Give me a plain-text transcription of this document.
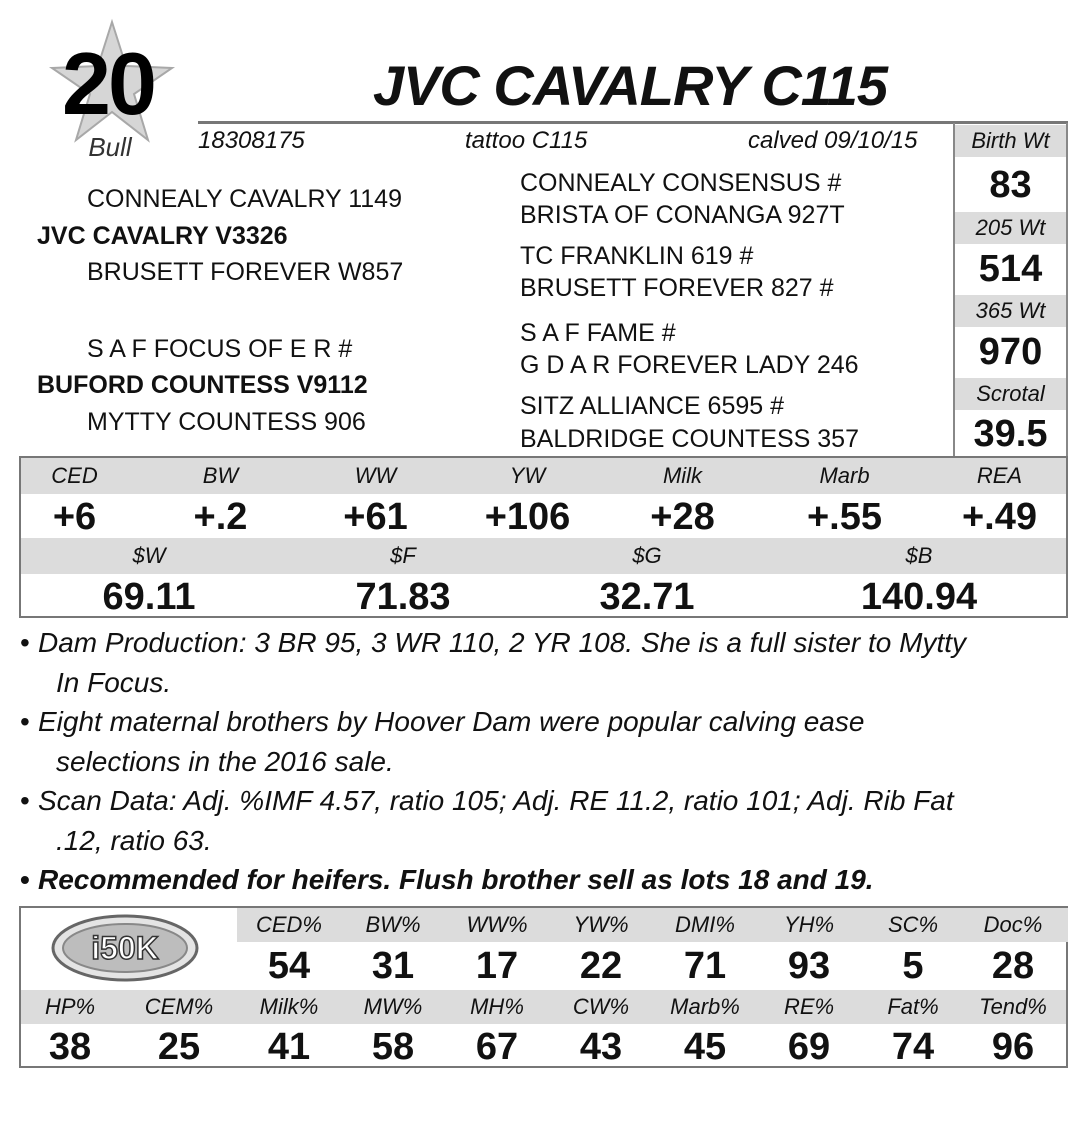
20
Bull
JVC CAVALRY C115
18308175	tattoo C115	calved 09/10/15
CONNEALY CAVALRY 1149
JVC CAVALRY V3326
BRUSETT FOREVER W857
S A F FOCUS OF E R #
BUFORD COUNTESS V9112
MYTTY COUNTESS 906
CONNEALY CONSENSUS #
BRISTA OF CONANGA 927T
TC FRANKLIN 619 #
BRUSETT FOREVER 827 #
S A F FAME #
G D A R FOREVER LADY 246
SITZ ALLIANCE 6595 #
BALDRIDGE COUNTESS 357
Birth Wt
83
205 Wt
514
365 Wt
970
Scrotal
39.5
CED	BW	WW	YW	Milk	Marb	REA
+6	+.2	+61	+106	+28	+.55	+.49
$W	$F	$G	$B
69.11	71.83	32.71	140.94
• Dam Production: 3 BR 95, 3 WR 110, 2 YR 108. She is a full sister to Mytty
In Focus.
• Eight maternal brothers by Hoover Dam were popular calving ease
selections in the 2016 sale.
• Scan Data: Adj. %IMF 4.57, ratio 105; Adj. RE 11.2, ratio 101; Adj. Rib Fat
.12, ratio 63.
• Recommended for heifers. Flush brother sell as lots 18 and 19.
i50K
CED%	BW%	WW%	YW%	DMI%	YH%	SC%	Doc%
54	31	17	22	71	93	5	28
HP%	CEM%	Milk%	MW%	MH%	CW%	Marb%	RE%	Fat%	Tend%
38	25	41	58	67	43	45	69	74	96
